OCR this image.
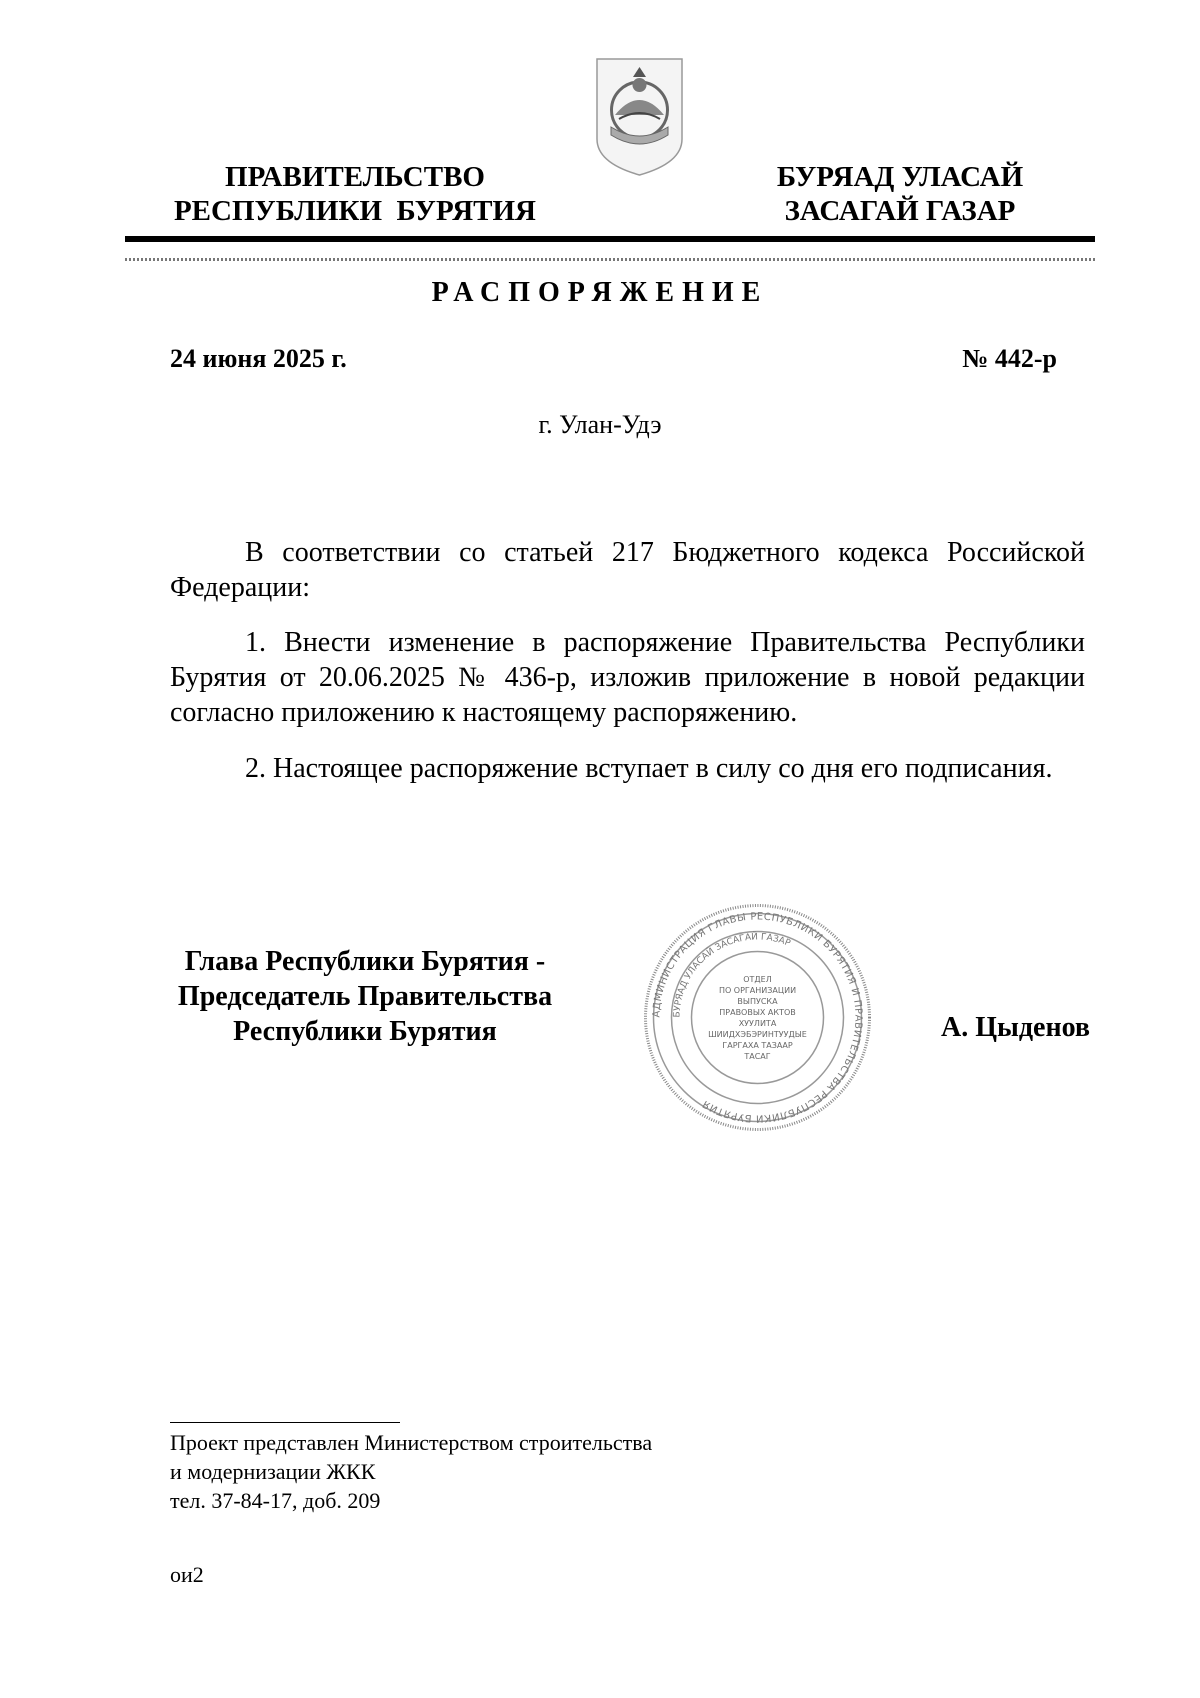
ПРАВИТЕЛЬСТВО
РЕСПУБЛИКИ  БУРЯТИЯ
БУРЯАД УЛАСАЙ
ЗАСАГАЙ ГАЗАР
РАСПОРЯЖЕНИЕ
24 июня 2025 г.	№ 442-р
г. Улан-Удэ

В соответствии со статьей 217 Бюджетного кодекса Российской Федерации:

1. Внести изменение в распоряжение Правительства Республики Бурятия от 20.06.2025 № 436-р, изложив приложение в новой редакции согласно приложению к настоящему распоряжению.

2. Настоящее распоряжение вступает в силу со дня его подписания.

Глава Республики Бурятия -
Председатель Правительства
Республики Бурятия
АДМИНИСТРАЦИЯ ГЛАВЫ РЕСПУБЛИКИ БУРЯТИЯ И ПРАВИТЕЛЬСТВА РЕСПУБЛИКИ БУРЯТИЯ
БУРЯАД УЛАСАЙ ЗАСАГАЙ ГАЗАР
ОТДЕЛ
ПО ОРГАНИЗАЦИИ
ВЫПУСКА
ПРАВОВЫХ АКТОВ
ХУУЛИТА
ШИИДХЭБЭРИНТУУДЫЕ
ГАРГАХА ТАЗААР
ТАСАГ
А. Цыденов
Проект представлен Министерством строительства
и модернизации ЖКК
тел. 37-84-17, доб. 209
ои2
